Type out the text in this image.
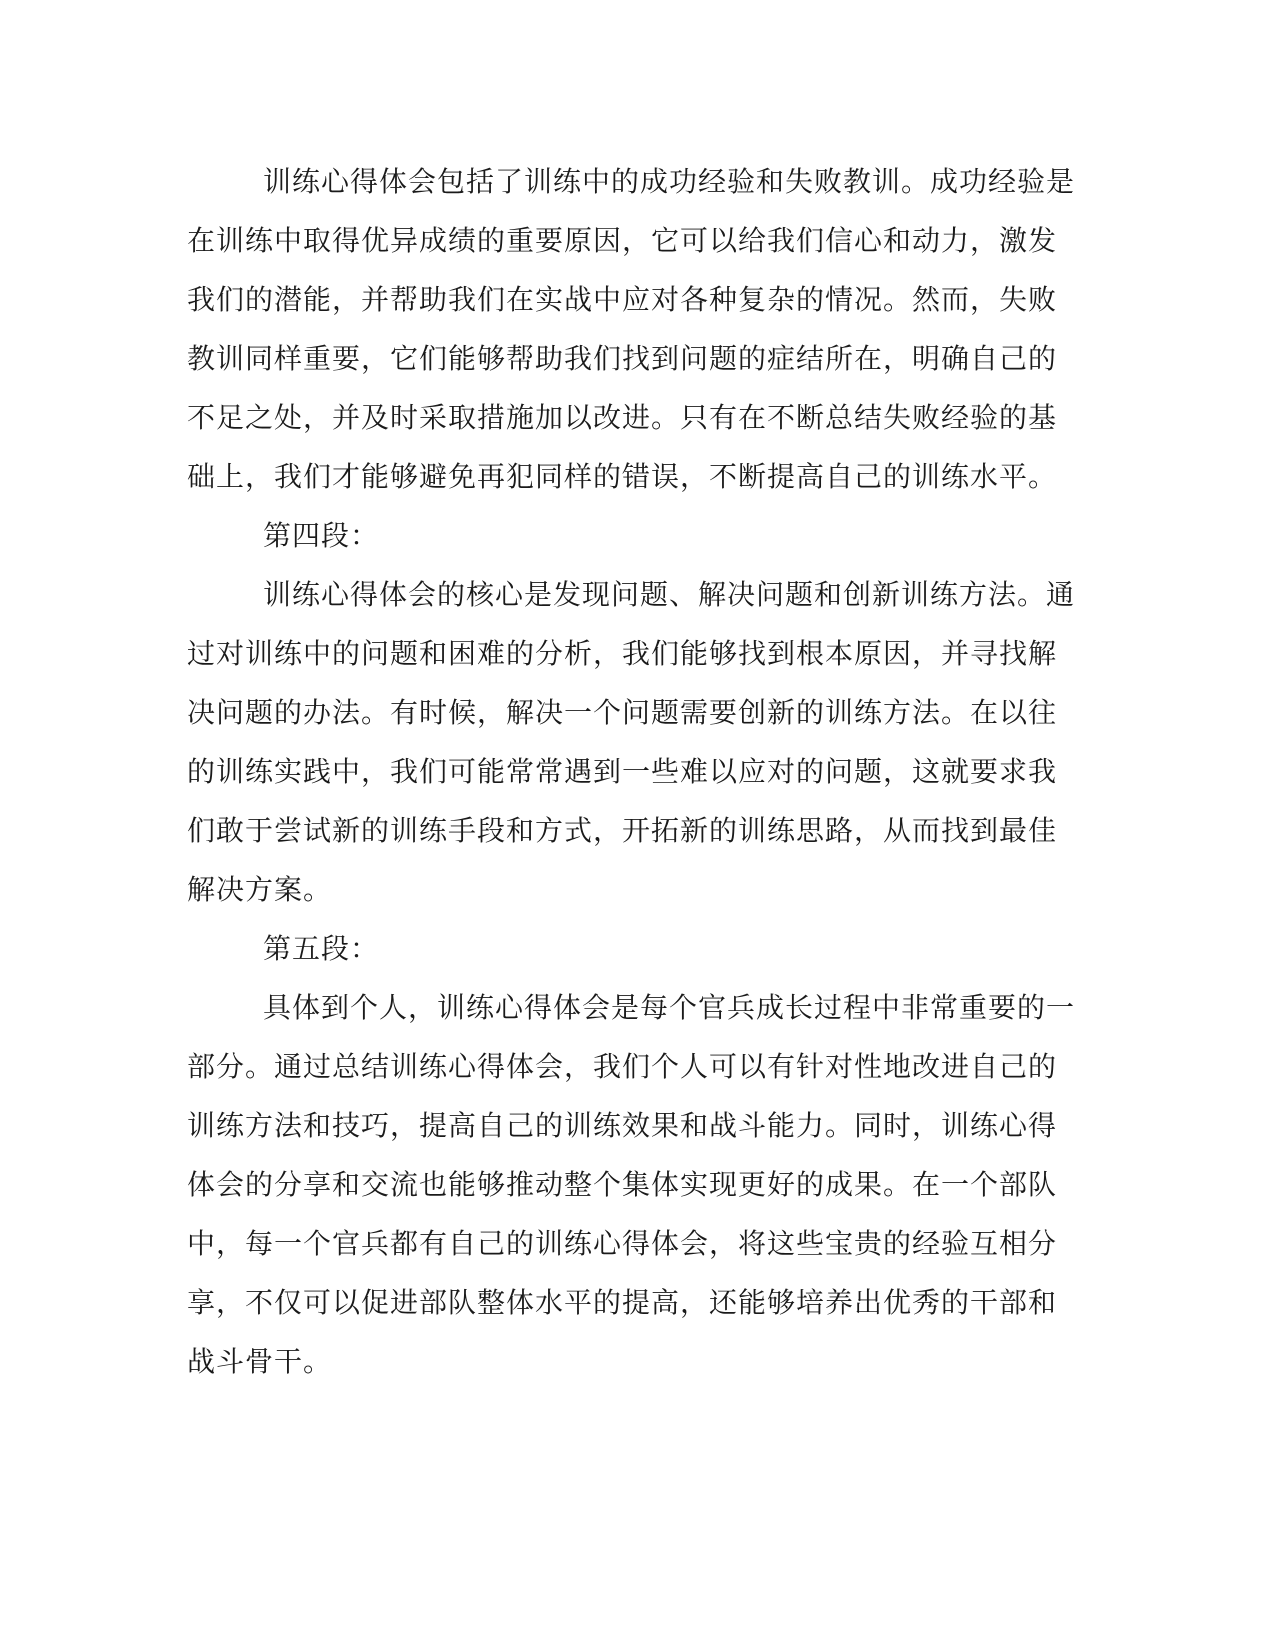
训练心得体会包括了训练中的成功经验和失败教训。成功经验是
在训练中取得优异成绩的重要原因，它可以给我们信心和动力，激发
我们的潜能，并帮助我们在实战中应对各种复杂的情况。然而，失败
教训同样重要，它们能够帮助我们找到问题的症结所在，明确自己的
不足之处，并及时采取措施加以改进。只有在不断总结失败经验的基
础上，我们才能够避免再犯同样的错误，不断提高自己的训练水平。
第四段：
训练心得体会的核心是发现问题、解决问题和创新训练方法。通
过对训练中的问题和困难的分析，我们能够找到根本原因，并寻找解
决问题的办法。有时候，解决一个问题需要创新的训练方法。在以往
的训练实践中，我们可能常常遇到一些难以应对的问题，这就要求我
们敢于尝试新的训练手段和方式，开拓新的训练思路，从而找到最佳
解决方案。
第五段：
具体到个人，训练心得体会是每个官兵成长过程中非常重要的一
部分。通过总结训练心得体会，我们个人可以有针对性地改进自己的
训练方法和技巧，提高自己的训练效果和战斗能力。同时，训练心得
体会的分享和交流也能够推动整个集体实现更好的成果。在一个部队
中，每一个官兵都有自己的训练心得体会，将这些宝贵的经验互相分
享，不仅可以促进部队整体水平的提高，还能够培养出优秀的干部和
战斗骨干。
